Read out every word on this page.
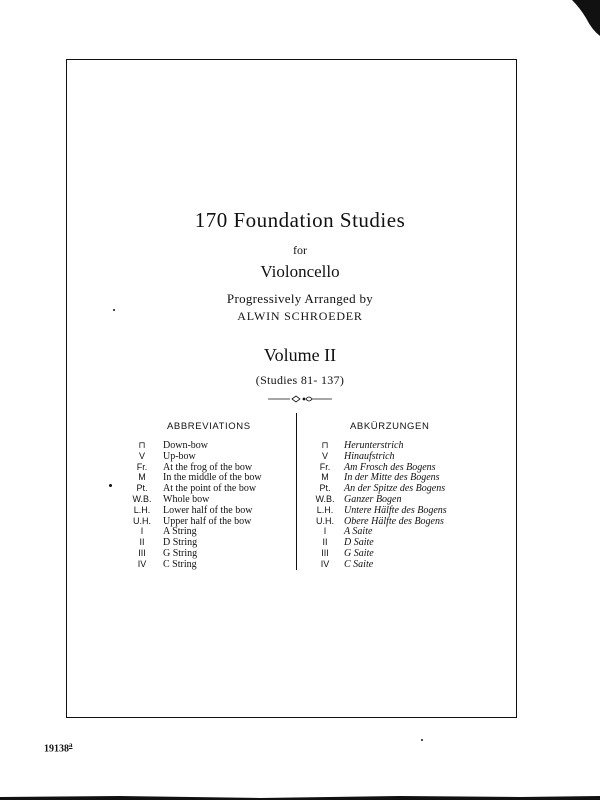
170 Foundation Studies
for
Violoncello
Progressively Arranged by
ALWIN SCHROEDER
Volume II
(Studies 81- 137)
ABBREVIATIONS	ABKÜRZUNGEN
⊓ Down-bow
V Up-bow
Fr. At the frog of the bow
M In the middle of the bow
Pt. At the point of the bow
W.B. Whole bow
L.H. Lower half of the bow
U.H. Upper half of the bow
I A String
II D String
III G String
IV C String
⊓ Herunterstrich
V Hinaufstrich
Fr. Am Frosch des Bogens
M In der Mitte des Bogens
Pt. An der Spitze des Bogens
W.B. Ganzer Bogen
L.H. Untere Hälfte des Bogens
U.H. Obere Hälfte des Bogens
I A Saite
II D Saite
III G Saite
IV C Saite
19138$^a$
